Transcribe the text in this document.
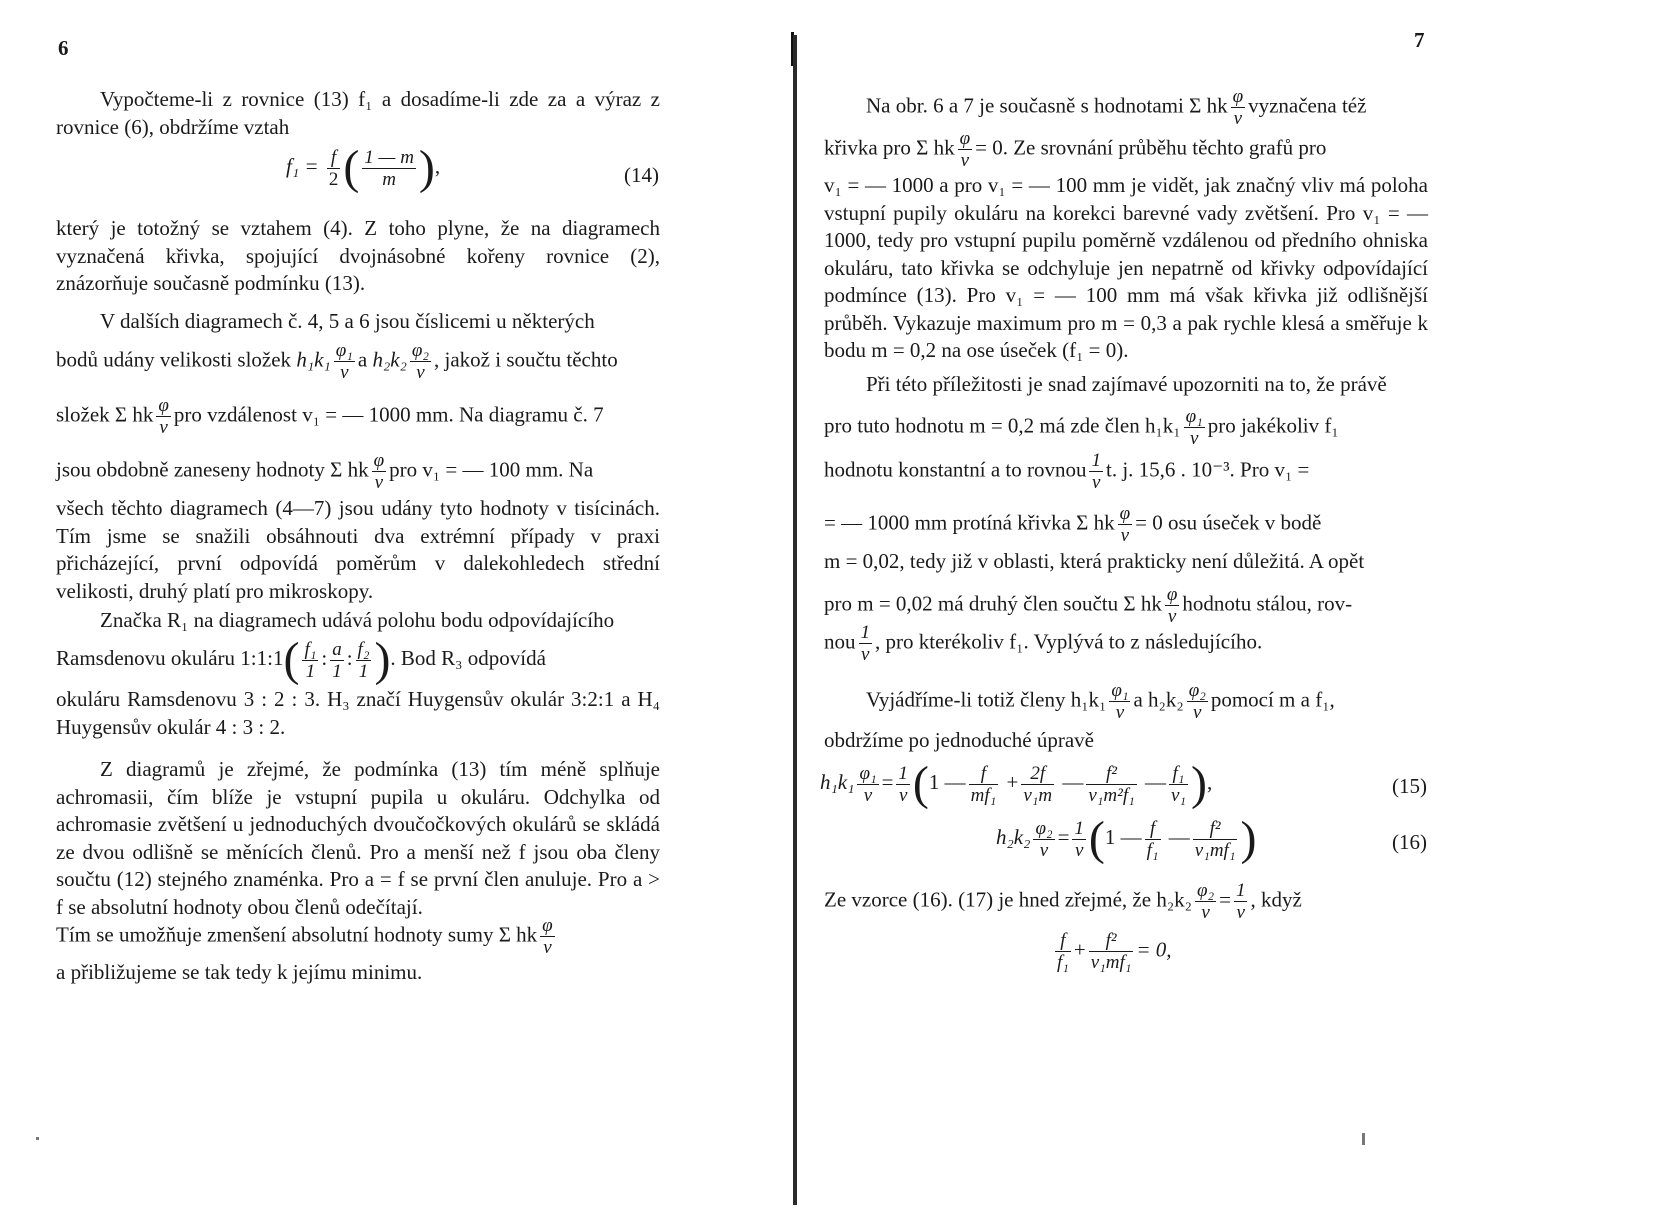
6

Vypočteme-li z rovnice (13) f₁ a dosadíme-li zde za a výraz z rovnice (6), obdržíme vztah

$f_1 = \frac{f}{2}$ ( $\frac{1 — m}{m}$ ),	(14)

který je totožný se vztahem (4). Z toho plyne, že na diagramech vyznačená křivka, spojující dvojnásobné kořeny rovnice (2), znázorňuje současně podmínku (13).

V dalších diagramech č. 4, 5 a 6 jsou číslicemi u některých
bodů udány velikosti složek $h_1k_1 \frac{\text{φ₁}}{\nu}$ a $h_2k_2 \frac{\text{φ₂}}{\nu}$ , jakož i součtu těchto
složek Σ hk $\frac{\varphi}{\nu}$ pro vzdálenost v₁ = — 1000 mm. Na diagramu č. 7
jsou obdobně zaneseny hodnoty Σ hk $\frac{\varphi}{\nu}$ pro v₁ = — 100 mm. Na

všech těchto diagramech (4—7) jsou udány tyto hodnoty v tisícinách. Tím jsme se snažili obsáhnouti dva extrémní případy v praxi přicházející, první odpovídá poměrům v dalekohledech střední velikosti, druhý platí pro mikroskopy.

Značka R₁ na diagramech udává polohu bodu odpovídajícího
Ramsdenovu okuláru 1:1:1( $\frac{\text{f₁}}{1}$ : $\frac{a}{1}$ : $\frac{\text{f₂}}{1}$ ). Bod R₃ odpovídá

okuláru Ramsdenovu 3 : 2 : 3. H₃ značí Huygensův okulár 3:2:1 a H₄ Huygensův okulár 4 : 3 : 2.

Z diagramů je zřejmé, že podmínka (13) tím méně splňuje achromasii, čím blíže je vstupní pupila u okuláru. Odchylka od achromasie zvětšení u jednoduchých dvoučočkových okulárů se skládá ze dvou odlišně se měnících členů. Pro a menší než f jsou oba členy součtu (12) stejného znaménka. Pro a = f se první člen anuluje. Pro a > f se absolutní hodnoty obou členů odečítají.

Tím se umožňuje zmenšení absolutní hodnoty sumy Σ hk $\frac{\varphi}{\nu}$
a přibližujeme se tak tedy k jejímu minimu.
7
Na obr. 6 a 7 je současně s hodnotami Σ hk $\frac{\varphi}{\nu}$ vyznačena též
křivka pro Σ hk $\frac{\varphi}{\nu} = 0$. Ze srovnání průběhu těchto grafů pro

v₁ = — 1000 a pro v₁ = — 100 mm je vidět, jak značný vliv má poloha vstupní pupily okuláru na korekci barevné vady zvětšení. Pro v₁ = — 1000, tedy pro vstupní pupilu poměrně vzdálenou od předního ohniska okuláru, tato křivka se odchyluje jen nepatrně od křivky odpovídající podmínce (13). Pro v₁ = — 100 mm má však křivka již odlišnější průběh. Vykazuje maximum pro m = 0,3 a pak rychle klesá a směřuje k bodu m = 0,2 na ose úseček (f₁ = 0).

Při této příležitosti je snad zajímavé upozorniti na to, že právě
pro tuto hodnotu m = 0,2 má zde člen $h_1k_1 \frac{\text{φ₁}}{\nu}$ pro jakékoliv f₁
hodnotu konstantní a to rovnou $\frac{1}{\nu} t$. j. 15,6 . 10⁻³. Pro v₁ =
= — 1000 mm protíná křivka Σ hk $\frac{\varphi}{\nu} = 0$ osu úseček v bodě
m = 0,02, tedy již v oblasti, která prakticky není důležitá. A opět
pro m = 0,02 má druhý člen součtu Σ hk $\frac{\varphi}{\nu}$ hodnotu stálou, rov-
nou $\frac{1}{\nu}$ , pro kterékoliv f₁. Vyplývá to z následujícího.
Vyjádříme-li totiž členy $h_1k_1 \frac{\text{φ₁}}{\nu}$ a $h_2k_2 \frac{\text{φ₂}}{\nu}$ pomocí m a f₁,
obdržíme po jednoduché úpravě
$h_1k_1 \frac{\text{φ₁}}{\nu} = \frac{1}{\nu} (1$ — $\frac{f}{\text{mf₁}} + \frac{2f}{\text{v₁m}}$ — $\frac{\text{f²}}{\text{v₁m²f₁}}$ — $\frac{\text{f₁}}{\text{v₁}}$ ),	(15)
$h_2k_2 \frac{\text{φ₂}}{\nu} = \frac{1}{\nu} (1$ — $\frac{f}{\text{f₁}}$ — $\frac{\text{f²}}{\text{v₁mf₁}}$ )	(16)
Ze vzorce (16). (17) je hned zřejmé, že $h_2k_2 \frac{\text{φ₂}}{\nu} = \frac{1}{\nu}$ , když
$\frac{f}{\text{f₁}} + \frac{\text{f²}}{\text{v₁mf₁}} = 0$,
